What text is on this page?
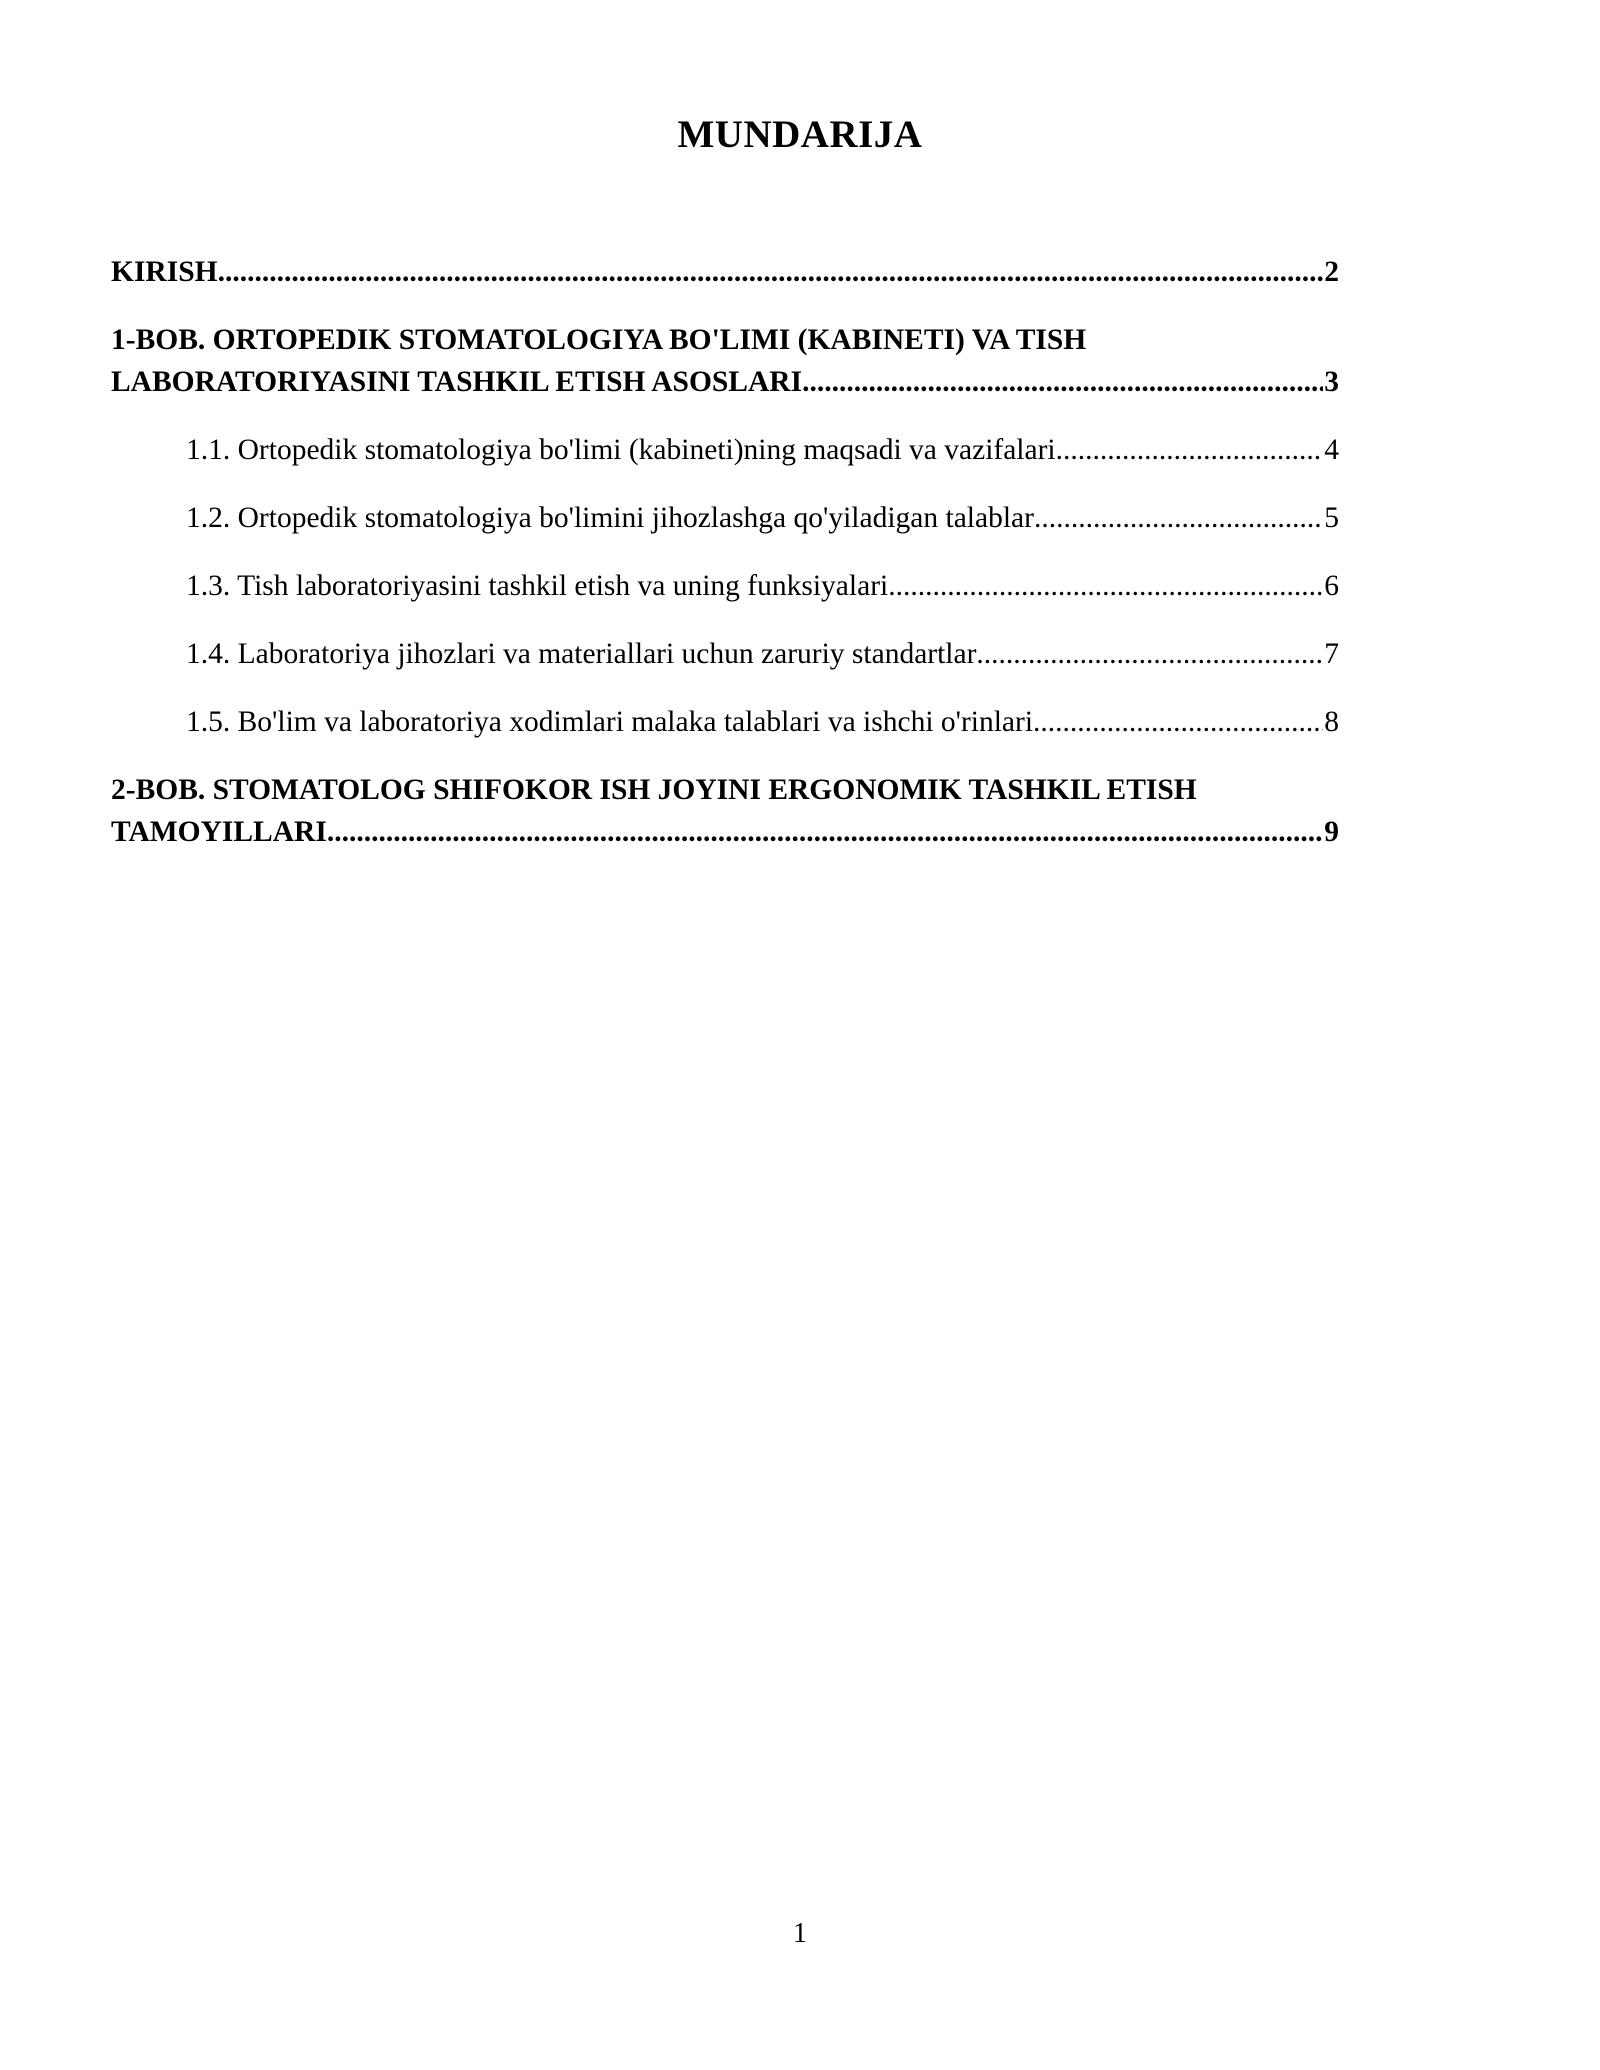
MUNDARIJA
KIRISH .....	2
1-BOB. ORTOPEDIK STOMATOLOGIYA BO'LIMI (KABINETI) VA TISH
LABORATORIYASINI TASHKIL ETISH ASOSLARI .....	3
1.1. Ortopedik stomatologiya bo'limi (kabineti)ning maqsadi va vazifalari .....	4
1.2. Ortopedik stomatologiya bo'limini jihozlashga qo'yiladigan talablar .....	5
1.3. Tish laboratoriyasini tashkil etish va uning funksiyalari .....	6
1.4. Laboratoriya jihozlari va materiallari uchun zaruriy standartlar .....	7
1.5. Bo'lim va laboratoriya xodimlari malaka talablari va ishchi o'rinlari .....	8
2-BOB. STOMATOLOG SHIFOKOR ISH JOYINI ERGONOMIK TASHKIL ETISH
TAMOYILLARI .....	9
1
